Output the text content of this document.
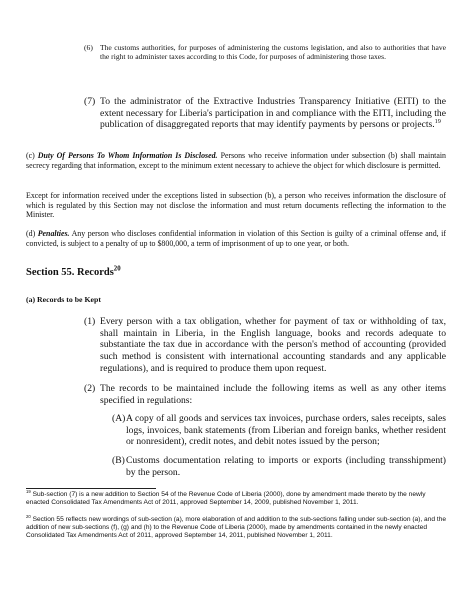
(6) The customs authorities, for purposes of administering the customs legislation, and also to authorities that have the right to administer taxes according to this Code, for purposes of administering those taxes.
(7) To the administrator of the Extractive Industries Transparency Initiative (EITI) to the extent necessary for Liberia's participation in and compliance with the EITI, including the publication of disaggregated reports that may identify payments by persons or projects.$^{19}$

(c) Duty Of Persons To Whom Information Is Disclosed. Persons who receive information under subsection (b) shall maintain secrecy regarding that information, except to the minimum extent necessary to achieve the object for which disclosure is permitted.

Except for information received under the exceptions listed in subsection (b), a person who receives information the disclosure of which is regulated by this Section may not disclose the information and must return documents reflecting the information to the Minister.

(d) Penalties. Any person who discloses confidential information in violation of this Section is guilty of a criminal offense and, if convicted, is subject to a penalty of up to $800,000, a term of imprisonment of up to one year, or both.

Section 55. Records$^{20}$
(a) Records to be Kept
(1) Every person with a tax obligation, whether for payment of tax or withholding of tax, shall maintain in Liberia, in the English language, books and records adequate to substantiate the tax due in accordance with the person's method of accounting (provided such method is consistent with international accounting standards and any applicable regulations), and is required to produce them upon request.
(2) The records to be maintained include the following items as well as any other items specified in regulations:
(A) A copy of all goods and services tax invoices, purchase orders, sales receipts, sales logs, invoices, bank statements (from Liberian and foreign banks, whether resident or nonresident), credit notes, and debit notes issued by the person;
(B) Customs documentation relating to imports or exports (including transshipment) by the person.

$^{19}$ Sub-section (7) is a new addition to Section 54 of the Revenue Code of Liberia (2000), done by amendment made thereto by the newly enacted Consolidated Tax Amendments Act of 2011, approved September 14, 2009, published November 1, 2011.

$^{20}$ Section 55 reflects new wordings of sub-section (a), more elaboration of and addition to the sub-sections falling under sub-section (a), and the addition of new sub-sections (f), (g) and (h) to the Revenue Code of Liberia (2000), made by amendments contained in the newly enacted Consolidated Tax Amendments Act of 2011, approved September 14, 2011, published November 1, 2011.
